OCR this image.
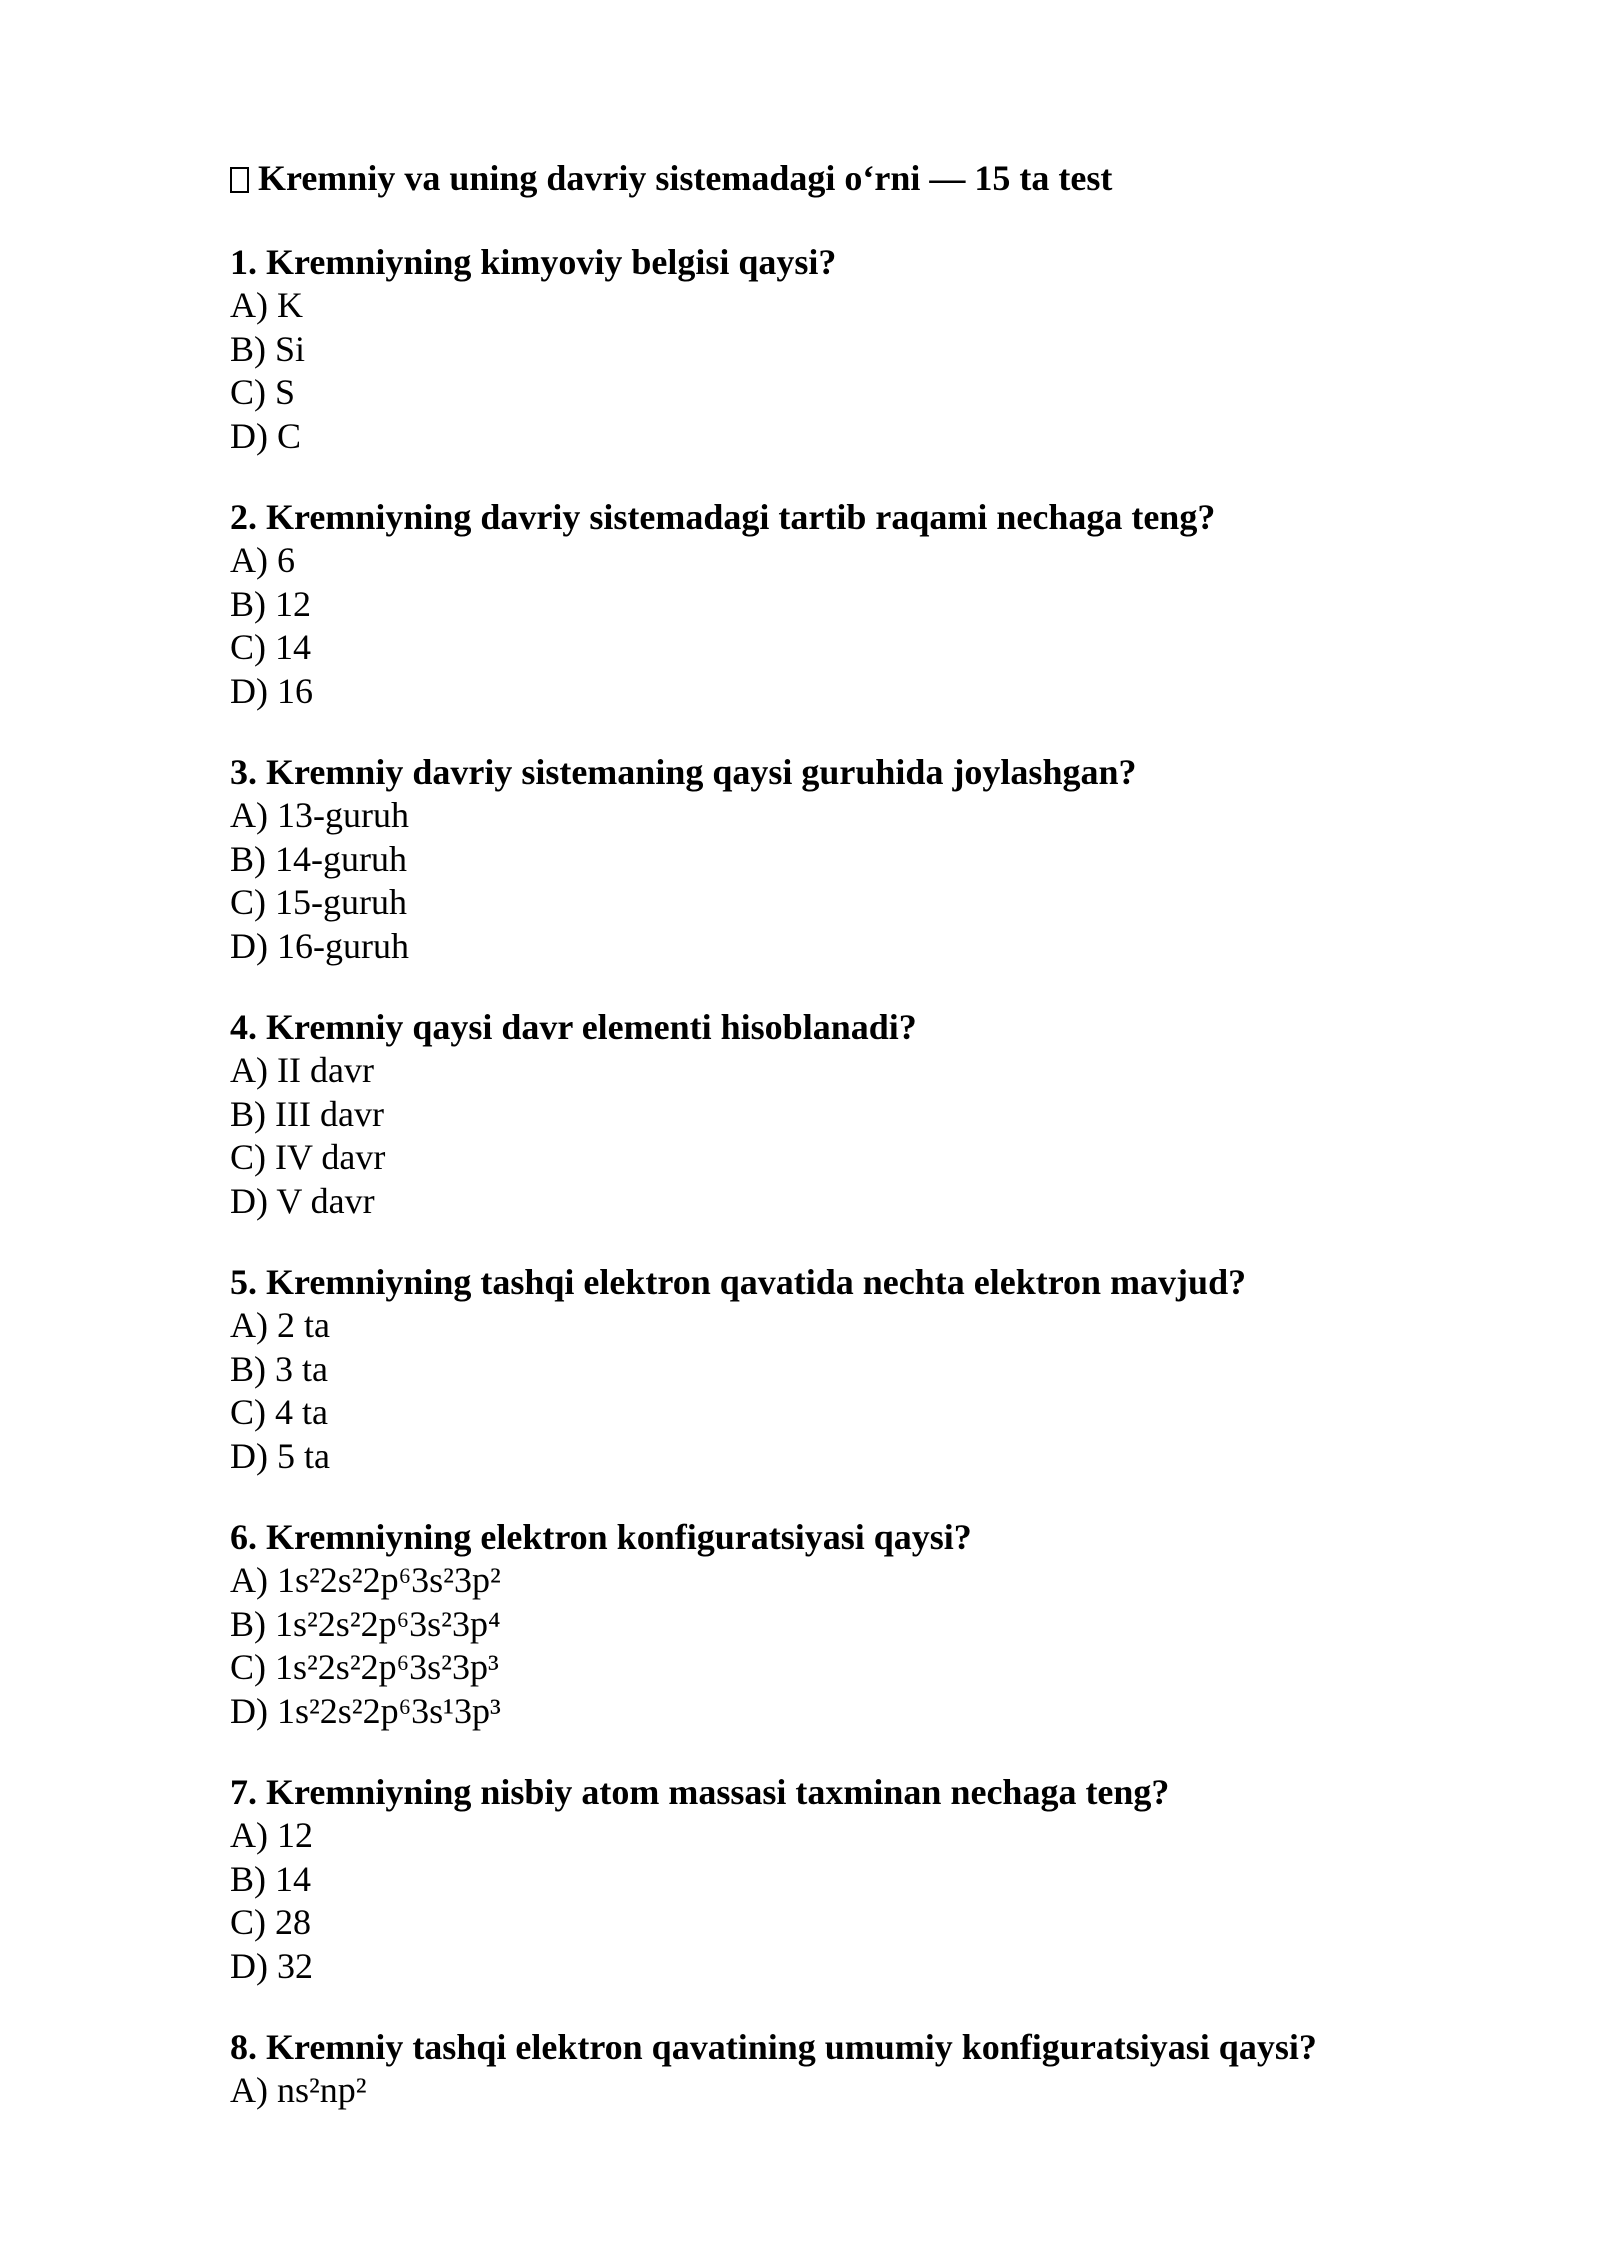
Kremniy va uning davriy sistemadagi o‘rni — 15 ta test
1. Kremniyning kimyoviy belgisi qaysi?
A) K
B) Si
C) S
D) C
2. Kremniyning davriy sistemadagi tartib raqami nechaga teng?
A) 6
B) 12
C) 14
D) 16
3. Kremniy davriy sistemaning qaysi guruhida joylashgan?
A) 13-guruh
B) 14-guruh
C) 15-guruh
D) 16-guruh
4. Kremniy qaysi davr elementi hisoblanadi?
A) II davr
B) III davr
C) IV davr
D) V davr
5. Kremniyning tashqi elektron qavatida nechta elektron mavjud?
A) 2 ta
B) 3 ta
C) 4 ta
D) 5 ta
6. Kremniyning elektron konfiguratsiyasi qaysi?
A) 1s²2s²2p⁶3s²3p²
B) 1s²2s²2p⁶3s²3p⁴
C) 1s²2s²2p⁶3s²3p³
D) 1s²2s²2p⁶3s¹3p³
7. Kremniyning nisbiy atom massasi taxminan nechaga teng?
A) 12
B) 14
C) 28
D) 32
8. Kremniy tashqi elektron qavatining umumiy konfiguratsiyasi qaysi?
A) ns²np²
